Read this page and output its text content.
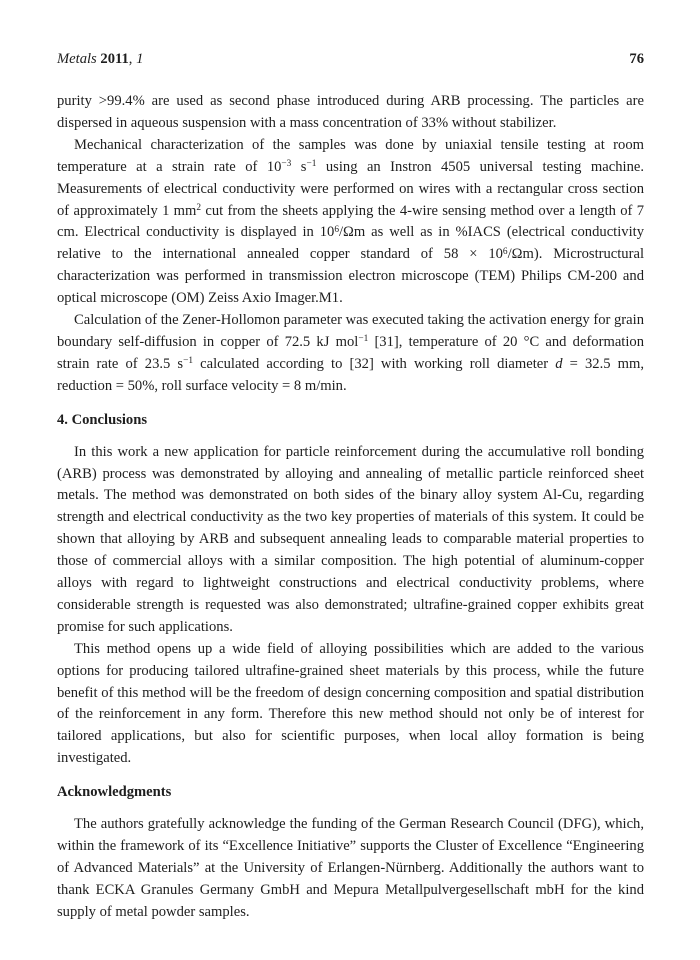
Metals 2011, 1	76

purity >99.4% are used as second phase introduced during ARB processing. The particles are dispersed in aqueous suspension with a mass concentration of 33% without stabilizer.

Mechanical characterization of the samples was done by uniaxial tensile testing at room temperature at a strain rate of $10^{-3}$ $s^{-1}$ using an Instron 4505 universal testing machine. Measurements of electrical conductivity were performed on wires with a rectangular cross section of approximately 1 $mm^2$ cut from the sheets applying the 4-wire sensing method over a length of 7 cm. Electrical conductivity is displayed in $10^6/\Omega m$ as well as in %IACS (electrical conductivity relative to the international annealed copper standard of $58 \times 10^6/\Omega m$). Microstructural characterization was performed in transmission electron microscope (TEM) Philips CM-200 and optical microscope (OM) Zeiss Axio Imager.M1.

Calculation of the Zener-Hollomon parameter was executed taking the activation energy for grain boundary self-diffusion in copper of 72.5 kJ mol$^{-1}$ [31], temperature of 20 °C and deformation strain rate of 23.5 $s^{-1}$ calculated according to [32] with working roll diameter d = 32.5 mm, reduction = 50%, roll surface velocity = 8 m/min.

4. Conclusions

In this work a new application for particle reinforcement during the accumulative roll bonding (ARB) process was demonstrated by alloying and annealing of metallic particle reinforced sheet metals. The method was demonstrated on both sides of the binary alloy system Al-Cu, regarding strength and electrical conductivity as the two key properties of materials of this system. It could be shown that alloying by ARB and subsequent annealing leads to comparable material properties to those of commercial alloys with a similar composition. The high potential of aluminum-copper alloys with regard to lightweight constructions and electrical conductivity problems, where considerable strength is requested was also demonstrated; ultrafine-grained copper exhibits great promise for such applications.

This method opens up a wide field of alloying possibilities which are added to the various options for producing tailored ultrafine-grained sheet materials by this process, while the future benefit of this method will be the freedom of design concerning composition and spatial distribution of the reinforcement in any form. Therefore this new method should not only be of interest for tailored applications, but also for scientific purposes, when local alloy formation is being investigated.

Acknowledgments

The authors gratefully acknowledge the funding of the German Research Council (DFG), which, within the framework of its “Excellence Initiative” supports the Cluster of Excellence “Engineering of Advanced Materials” at the University of Erlangen-Nürnberg. Additionally the authors want to thank ECKA Granules Germany GmbH and Mepura Metallpulvergesellschaft mbH for the kind supply of metal powder samples.
